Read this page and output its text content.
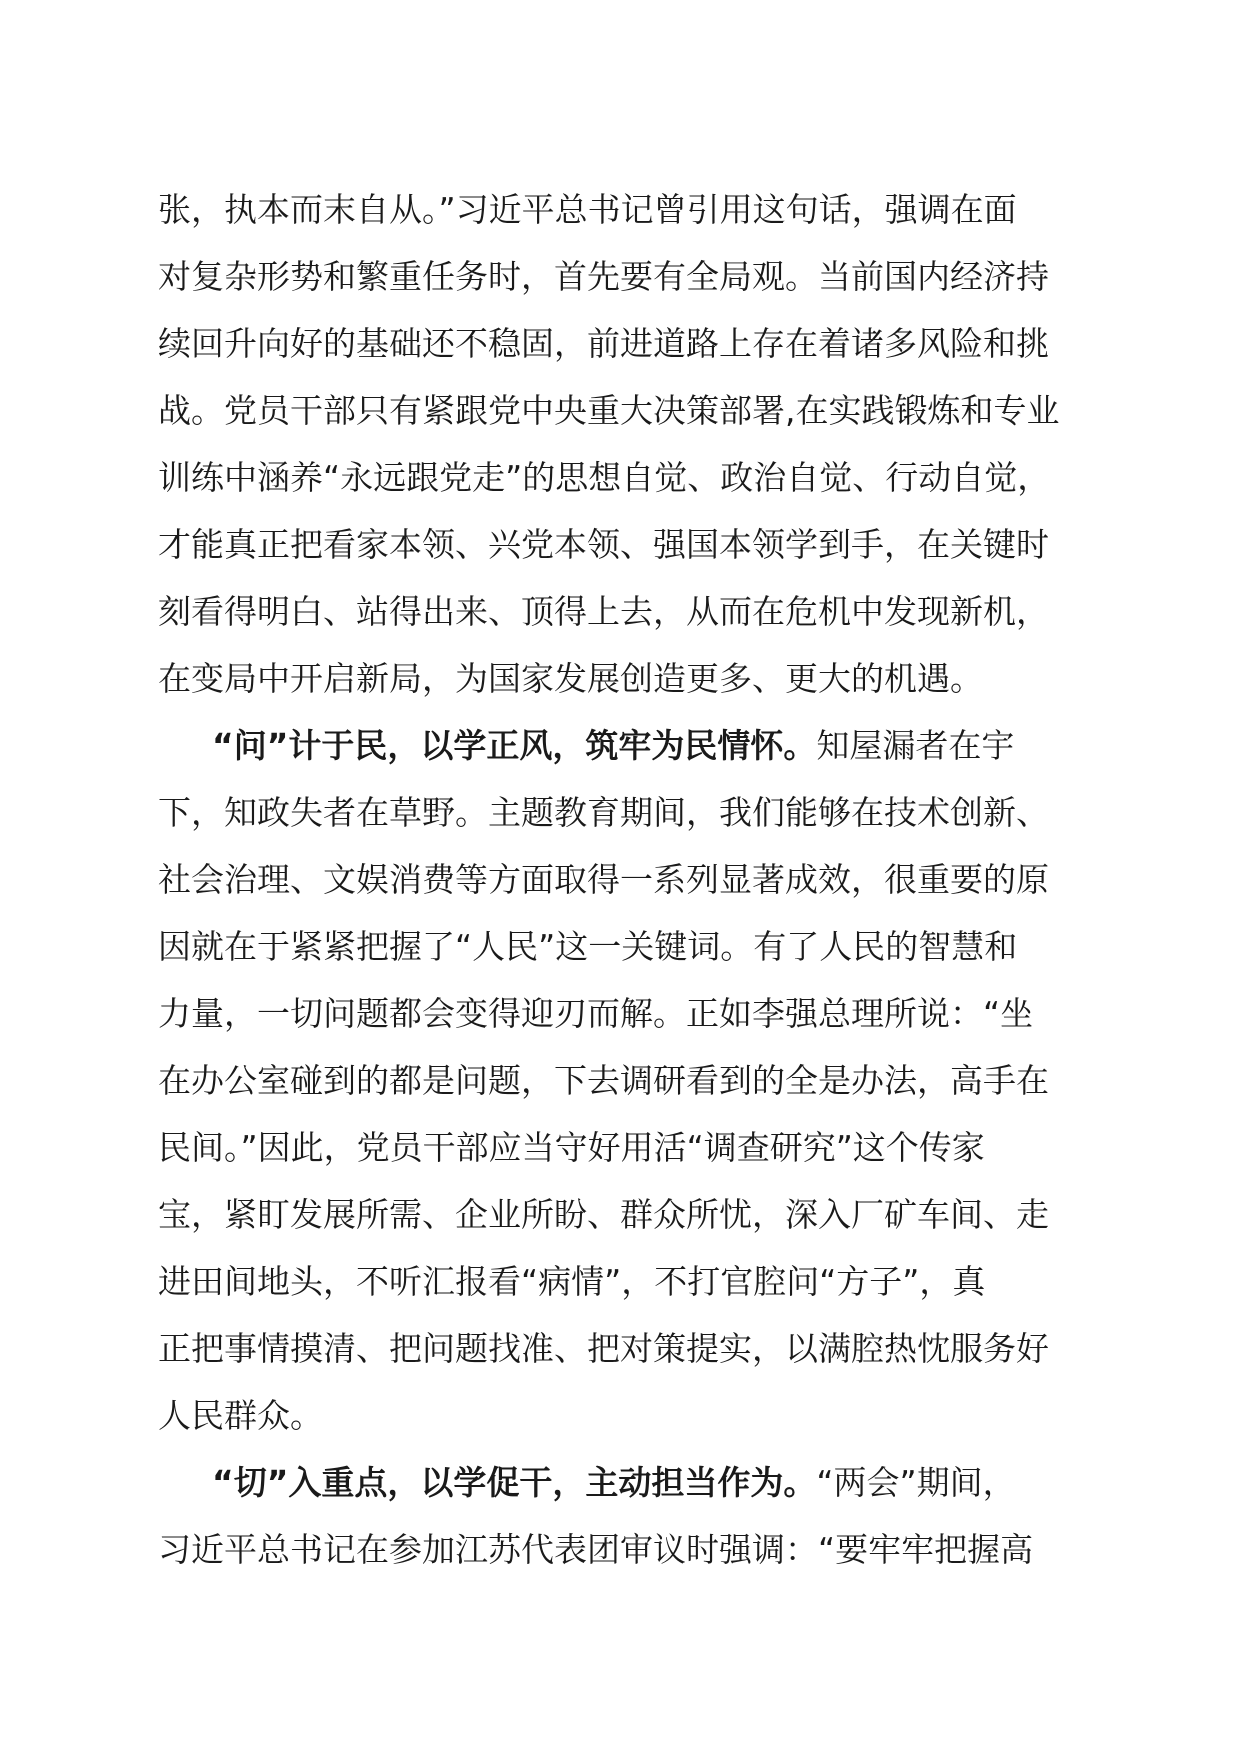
张，执本而末自从。”习近平总书记曾引用这句话，强调在面
对复杂形势和繁重任务时，首先要有全局观。当前国内经济持
续回升向好的基础还不稳固，前进道路上存在着诸多风险和挑
战。党员干部只有紧跟党中央重大决策部署,在实践锻炼和专业
训练中涵养“永远跟党走”的思想自觉、政治自觉、行动自觉，
才能真正把看家本领、兴党本领、强国本领学到手，在关键时
刻看得明白、站得出来、顶得上去，从而在危机中发现新机，
在变局中开启新局，为国家发展创造更多、更大的机遇。
“问”计于民，以学正风，筑牢为民情怀。知屋漏者在宇
下，知政失者在草野。主题教育期间，我们能够在技术创新、
社会治理、文娱消费等方面取得一系列显著成效，很重要的原
因就在于紧紧把握了“人民”这一关键词。有了人民的智慧和
力量，一切问题都会变得迎刃而解。正如李强总理所说：“坐
在办公室碰到的都是问题，下去调研看到的全是办法，高手在
民间。”因此，党员干部应当守好用活“调查研究”这个传家
宝，紧盯发展所需、企业所盼、群众所忧，深入厂矿车间、走
进田间地头，不听汇报看“病情”，不打官腔问“方子”，真
正把事情摸清、把问题找准、把对策提实，以满腔热忱服务好
人民群众。
“切”入重点，以学促干，主动担当作为。“两会”期间，
习近平总书记在参加江苏代表团审议时强调：“要牢牢把握高
